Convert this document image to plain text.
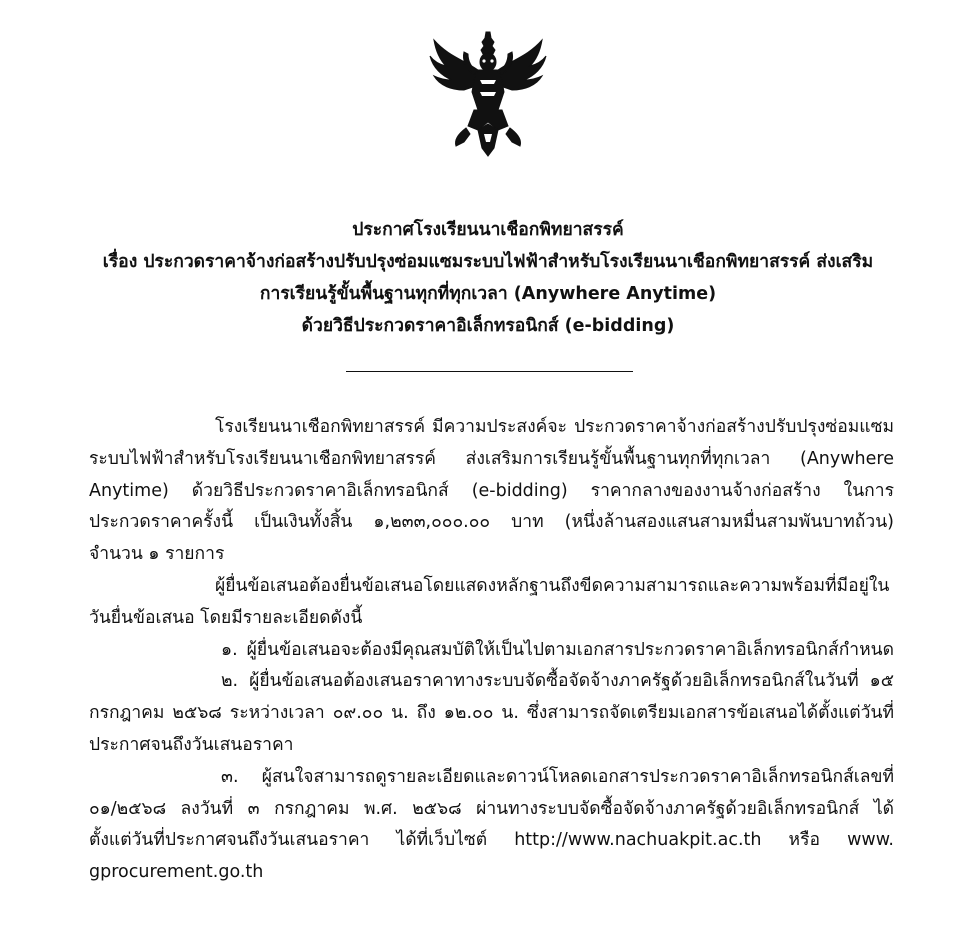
ประกาศโรงเรียนนาเชือกพิทยาสรรค์
เรื่อง ประกวดราคาจ้างก่อสร้างปรับปรุงซ่อมแซมระบบไฟฟ้าสำหรับโรงเรียนนาเชือกพิทยาสรรค์ ส่งเสริม
การเรียนรู้ขั้นพื้นฐานทุกที่ทุกเวลา (Anywhere Anytime)
ด้วยวิธีประกวดราคาอิเล็กทรอนิกส์ (e-bidding)
โรงเรียนนาเชือกพิทยาสรรค์ มีความประสงค์จะ ประกวดราคาจ้างก่อสร้างปรับปรุงซ่อมแซม
ระบบไฟฟ้าสำหรับโรงเรียนนาเชือกพิทยาสรรค์ ส่งเสริมการเรียนรู้ขั้นพื้นฐานทุกที่ทุกเวลา (Anywhere
Anytime) ด้วยวิธีประกวดราคาอิเล็กทรอนิกส์ (e-bidding) ราคากลางของงานจ้างก่อสร้าง ในการ
ประกวดราคาครั้งนี้ เป็นเงินทั้งสิ้น ๑,๒๓๓,๐๐๐.๐๐ บาท (หนึ่งล้านสองแสนสามหมื่นสามพันบาทถ้วน)
จำนวน ๑ รายการ
ผู้ยื่นข้อเสนอต้องยื่นข้อเสนอโดยแสดงหลักฐานถึงขีดความสามารถและความพร้อมที่มีอยู่ใน
วันยื่นข้อเสนอ โดยมีรายละเอียดดังนี้
๑. ผู้ยื่นข้อเสนอจะต้องมีคุณสมบัติให้เป็นไปตามเอกสารประกวดราคาอิเล็กทรอนิกส์กำหนด
๒. ผู้ยื่นข้อเสนอต้องเสนอราคาทางระบบจัดซื้อจัดจ้างภาครัฐด้วยอิเล็กทรอนิกส์ในวันที่ ๑๕
กรกฎาคม ๒๕๖๘ ระหว่างเวลา ๐๙.๐๐ น. ถึง ๑๒.๐๐ น. ซึ่งสามารถจัดเตรียมเอกสารข้อเสนอได้ตั้งแต่วันที่
ประกาศจนถึงวันเสนอราคา
๓. ผู้สนใจสามารถดูรายละเอียดและดาวน์โหลดเอกสารประกวดราคาอิเล็กทรอนิกส์เลขที่
๐๑/๒๕๖๘ ลงวันที่ ๓ กรกฎาคม พ.ศ. ๒๕๖๘ ผ่านทางระบบจัดซื้อจัดจ้างภาครัฐด้วยอิเล็กทรอนิกส์ ได้
ตั้งแต่วันที่ประกาศจนถึงวันเสนอราคา ได้ที่เว็บไซต์ http://www.nachuakpit.ac.th หรือ www.
gprocurement.go.th
